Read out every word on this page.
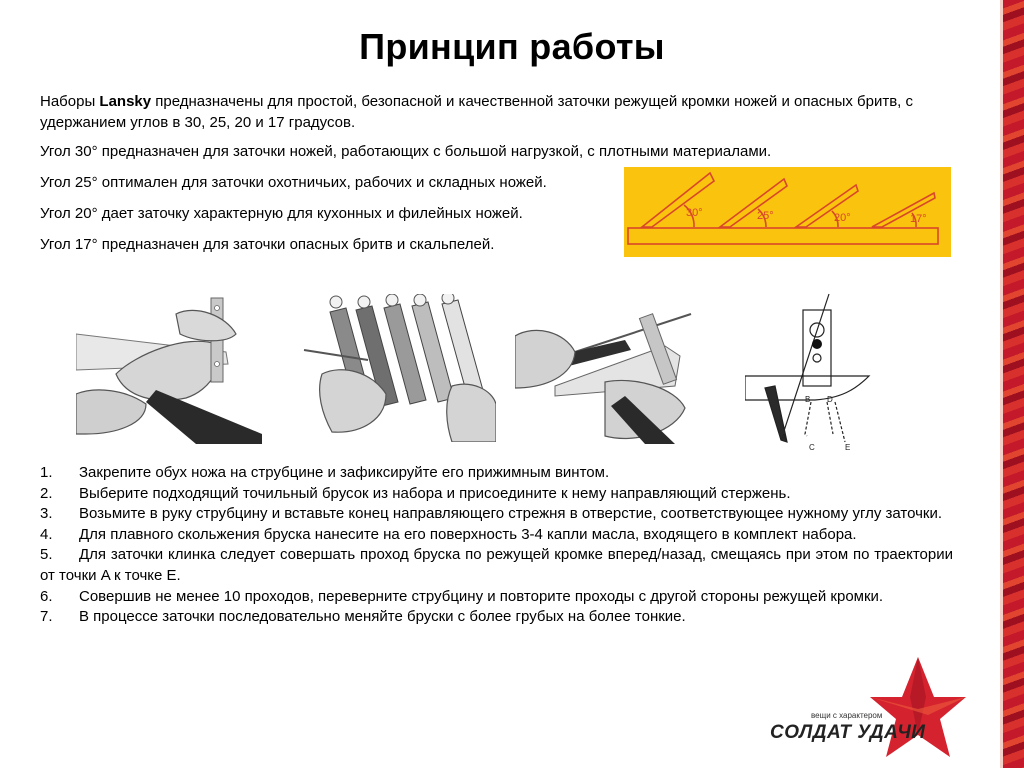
Принцип работы
Наборы Lansky предназначены для простой, безопасной и качественной заточки режущей кромки ножей и опасных бритв, с удержанием углов в 30, 25, 20 и 17 градусов.
Угол 30° предназначен для заточки ножей, работающих с большой нагрузкой, с плотными материалами.
Угол 25° оптимален для заточки охотничьих, рабочих и складных ножей.
Угол 20° дает заточку характерную для кухонных и филейных ножей.
Угол 17° предназначен для заточки опасных бритв и скальпелей.
30°	25°	20°	17°
A
B
C
D
E
1. Закрепите обух ножа на струбцине и зафиксируйте его прижимным винтом.
2. Выберите подходящий точильный брусок из набора и присоедините к нему направляющий стержень.
3. Возьмите в руку струбцину и вставьте конец направляющего стрежня в отверстие, соответствующее нужному углу заточки.
4. Для плавного скольжения бруска нанесите на его поверхность 3-4 капли масла, входящего в комплект набора.
5. Для заточки клинка следует совершать проход бруска по режущей кромке вперед/назад, смещаясь при этом по траектории от точки A к точке E.
6. Совершив не менее 10 проходов, переверните струбцину и повторите проходы с другой стороны режущей кромки.
7. В процессе заточки последовательно меняйте бруски с более грубых на более тонкие.
вещи с характером
СОЛДАТ УДАЧИ
